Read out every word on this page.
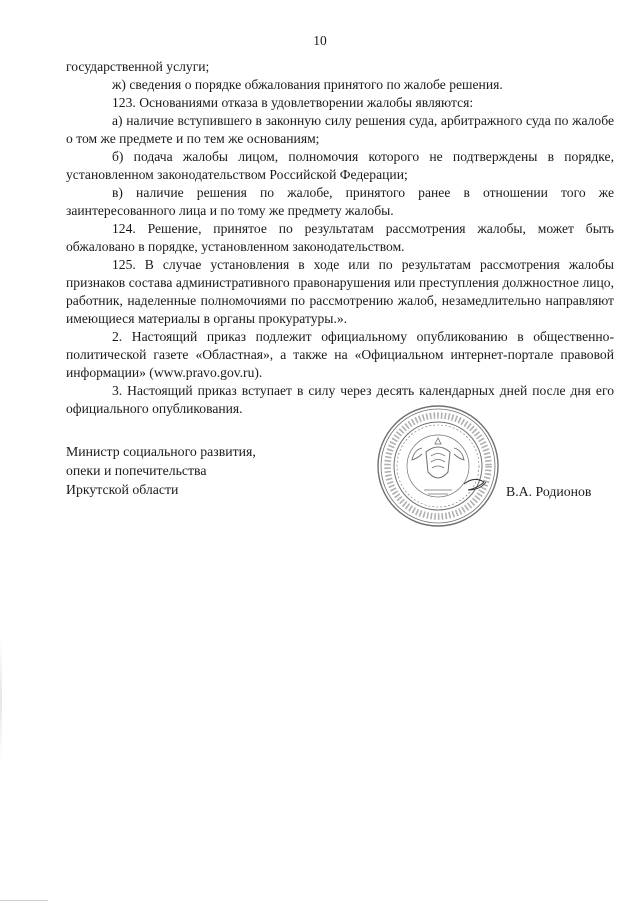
10

государственной услуги;

ж) сведения о порядке обжалования принятого по жалобе решения.

123. Основаниями отказа в удовлетворении жалобы являются:

а) наличие вступившего в законную силу решения суда, арбитражного суда по жалобе о том же предмете и по тем же основаниям;

б) подача жалобы лицом, полномочия которого не подтверждены в порядке, установленном законодательством Российской Федерации;

в) наличие решения по жалобе, принятого ранее в отношении того же заинтересованного лица и по тому же предмету жалобы.

124. Решение, принятое по результатам рассмотрения жалобы, может быть обжаловано в порядке, установленном законодательством.

125. В случае установления в ходе или по результатам рассмотрения жалобы признаков состава административного правонарушения или преступления должностное лицо, работник, наделенные полномочиями по рассмотрению жалоб, незамедлительно направляют имеющиеся материалы в органы прокуратуры.».

2. Настоящий приказ подлежит официальному опубликованию в общественно-политической газете «Областная», а также на «Официальном интернет-портале правовой информации» (www.pravo.gov.ru).

3. Настоящий приказ вступает в силу через десять календарных дней после дня его официального опубликования.

Министр социального развития,
опеки и попечительства
Иркутской области	В.А. Родионов
